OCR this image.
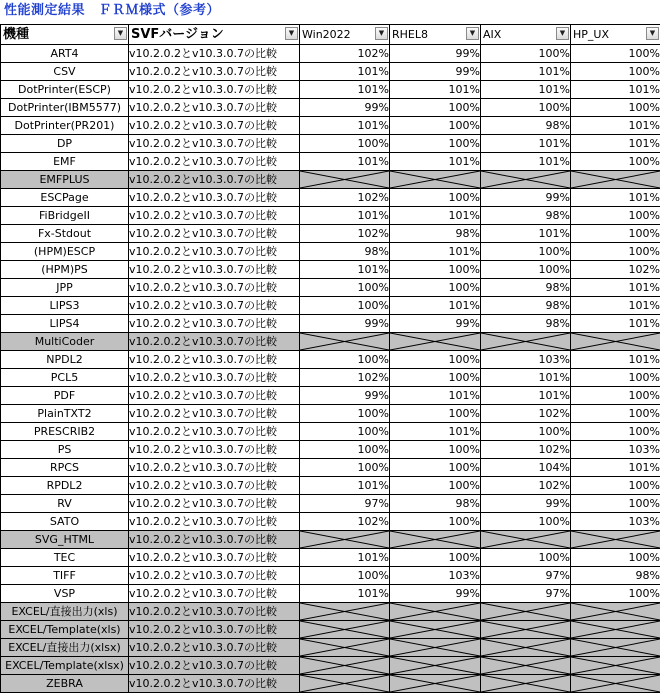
性能測定結果　ＦＲＭ様式（参考）
機種 ▼	SVFバージョン ▼	Win2022 ▼	RHEL8 ▼	AIX ▼	HP_UX ▼

ART4	v10.2.0.2とv10.3.0.7の比較	102%	99%	100%	100%
CSV	v10.2.0.2とv10.3.0.7の比較	101%	99%	101%	100%
DotPrinter(ESCP)	v10.2.0.2とv10.3.0.7の比較	101%	101%	101%	101%
DotPrinter(IBM5577)	v10.2.0.2とv10.3.0.7の比較	99%	100%	100%	100%
DotPrinter(PR201)	v10.2.0.2とv10.3.0.7の比較	101%	100%	98%	101%
DP	v10.2.0.2とv10.3.0.7の比較	100%	100%	101%	101%
EMF	v10.2.0.2とv10.3.0.7の比較	101%	101%	101%	100%
EMFPLUS	v10.2.0.2とv10.3.0.7の比較	

ESCPage	v10.2.0.2とv10.3.0.7の比較	102%	100%	99%	101%
FiBridgeII	v10.2.0.2とv10.3.0.7の比較	101%	101%	98%	100%
Fx-Stdout	v10.2.0.2とv10.3.0.7の比較	102%	98%	101%	100%
(HPM)ESCP	v10.2.0.2とv10.3.0.7の比較	98%	101%	100%	100%
(HPM)PS	v10.2.0.2とv10.3.0.7の比較	101%	100%	100%	102%
JPP	v10.2.0.2とv10.3.0.7の比較	100%	100%	98%	101%
LIPS3	v10.2.0.2とv10.3.0.7の比較	100%	101%	98%	101%
LIPS4	v10.2.0.2とv10.3.0.7の比較	99%	99%	98%	101%
MultiCoder	v10.2.0.2とv10.3.0.7の比較	

NPDL2	v10.2.0.2とv10.3.0.7の比較	100%	100%	103%	101%
PCL5	v10.2.0.2とv10.3.0.7の比較	102%	100%	101%	100%
PDF	v10.2.0.2とv10.3.0.7の比較	99%	101%	101%	100%
PlainTXT2	v10.2.0.2とv10.3.0.7の比較	100%	100%	102%	100%
PRESCRIB2	v10.2.0.2とv10.3.0.7の比較	100%	101%	100%	100%
PS	v10.2.0.2とv10.3.0.7の比較	100%	100%	102%	103%
RPCS	v10.2.0.2とv10.3.0.7の比較	100%	100%	104%	101%
RPDL2	v10.2.0.2とv10.3.0.7の比較	101%	100%	102%	100%
RV	v10.2.0.2とv10.3.0.7の比較	97%	98%	99%	100%
SATO	v10.2.0.2とv10.3.0.7の比較	102%	100%	100%	103%
SVG_HTML	v10.2.0.2とv10.3.0.7の比較	

TEC	v10.2.0.2とv10.3.0.7の比較	101%	100%	100%	100%
TIFF	v10.2.0.2とv10.3.0.7の比較	100%	103%	97%	98%
VSP	v10.2.0.2とv10.3.0.7の比較	101%	99%	97%	100%
EXCEL/直接出力(xls)	v10.2.0.2とv10.3.0.7の比較	

EXCEL/Template(xls)	v10.2.0.2とv10.3.0.7の比較	

EXCEL/直接出力(xlsx)	v10.2.0.2とv10.3.0.7の比較	

EXCEL/Template(xlsx)	v10.2.0.2とv10.3.0.7の比較	

ZEBRA	v10.2.0.2とv10.3.0.7の比較	
